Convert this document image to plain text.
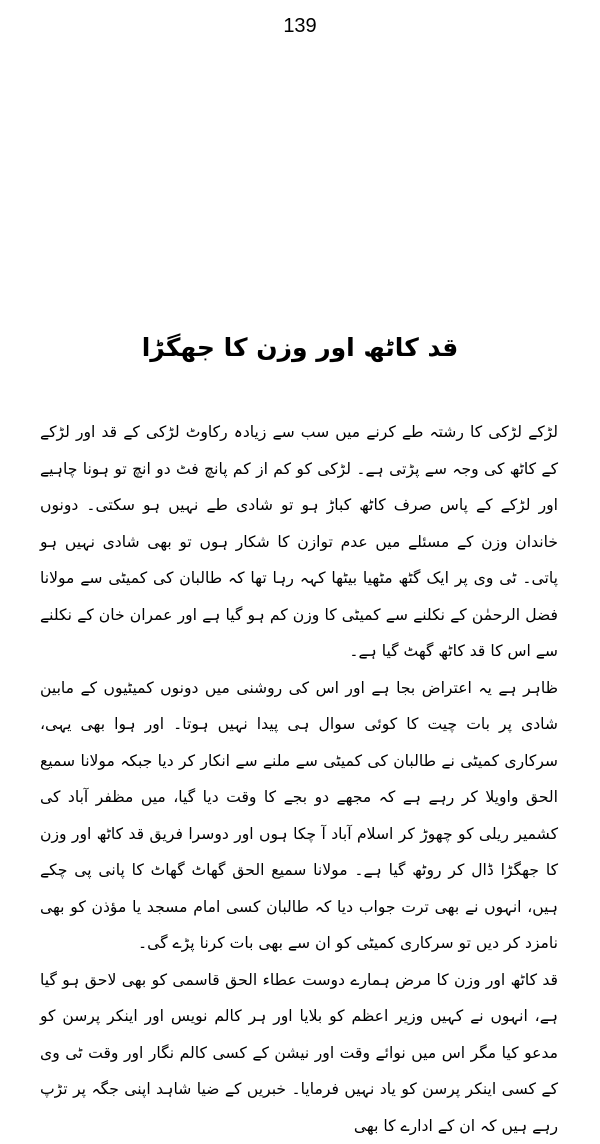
139
قد کاٹھ اور وزن کا جھگڑا

لڑکے لڑکی کا رشتہ طے کرنے میں سب سے زیادہ رکاوٹ لڑکی کے قد اور لڑکے کے کاٹھ کی وجہ سے پڑتی ہے۔ لڑکی کو کم از کم پانچ فٹ دو انچ تو ہونا چاہیے اور لڑکے کے پاس صرف کاٹھ کباڑ ہو تو شادی طے نہیں ہو سکتی۔ دونوں خاندان وزن کے مسئلے میں عدم توازن کا شکار ہوں تو بھی شادی نہیں ہو پاتی۔ ٹی وی پر ایک گٹھ مٹھیا بیٹھا کہہ رہا تھا کہ طالبان کی کمیٹی سے مولانا فضل الرحمٰن کے نکلنے سے کمیٹی کا وزن کم ہو گیا ہے اور عمران خان کے نکلنے سے اس کا قد کاٹھ گھٹ گیا ہے۔

ظاہر ہے یہ اعتراض بجا ہے اور اس کی روشنی میں دونوں کمیٹیوں کے مابین شادی پر بات چیت کا کوئی سوال ہی پیدا نہیں ہوتا۔ اور ہوا بھی یہی، سرکاری کمیٹی نے طالبان کی کمیٹی سے ملنے سے انکار کر دیا جبکہ مولانا سمیع الحق واویلا کر رہے ہے کہ مجھے دو بجے کا وقت دیا گیا، میں مظفر آباد کی کشمیر ریلی کو چھوڑ کر اسلام آباد آ چکا ہوں اور دوسرا فریق قد کاٹھ اور وزن کا جھگڑا ڈال کر روٹھ گیا ہے۔ مولانا سمیع الحق گھاٹ گھاٹ کا پانی پی چکے ہیں، انہوں نے بھی ترت جواب دیا کہ طالبان کسی امام مسجد یا مؤذن کو بھی نامزد کر دیں تو سرکاری کمیٹی کو ان سے بھی بات کرنا پڑے گی۔

قد کاٹھ اور وزن کا مرض ہمارے دوست عطاء الحق قاسمی کو بھی لاحق ہو گیا ہے، انہوں نے کہیں وزیر اعظم کو بلایا اور ہر کالم نویس اور اینکر پرسن کو مدعو کیا مگر اس میں نوائے وقت اور نیشن کے کسی کالم نگار اور وقت ٹی وی کے کسی اینکر پرسن کو یاد نہیں فرمایا۔ خبریں کے ضیا شاہد اپنی جگہ پر تڑپ رہے ہیں کہ ان کے ادارے کا بھی
